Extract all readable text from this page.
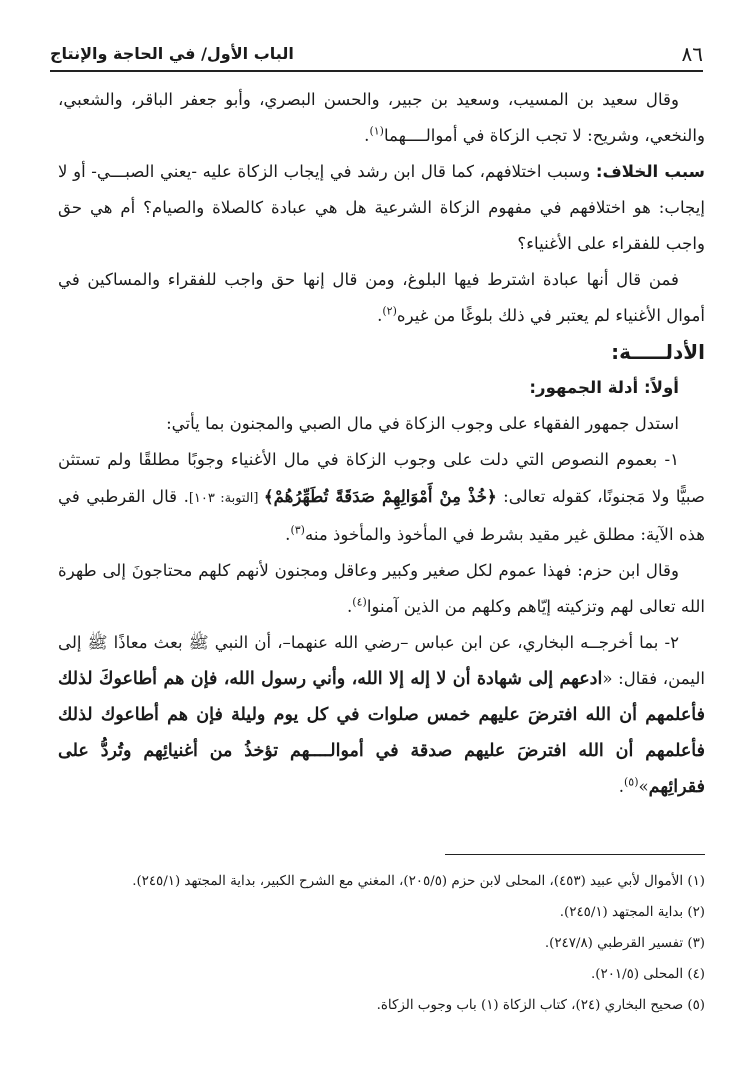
٨٦
الباب الأول/ في الحاجة والإنتاج

وقال سعيد بن المسيب، وسعيد بن جبير، والحسن البصري، وأبو جعفر الباقر، والشعبي، والنخعي، وشريح: لا تجب الزكاة في أموالــــهما$^{(١)}$.

سبب الخلاف: وسبب اختلافهم، كما قال ابن رشد في إيجاب الزكاة عليه -يعني الصبـــي- أو لا إيجاب: هو اختلافهم في مفهوم الزكاة الشرعية هل هي عبادة كالصلاة والصيام؟ أم هي حق واجب للفقراء على الأغنياء؟

فمن قال أنها عبادة اشترط فيها البلوغ، ومن قال إنها حق واجب للفقراء والمساكين في أموال الأغنياء لم يعتبر في ذلك بلوغًا من غيره$^{(٢)}$.

الأدلـــــة:

أولاً: أدلة الجمهور:

استدل جمهور الفقهاء على وجوب الزكاة في مال الصبي والمجنون بما يأتي:

١- بعموم النصوص التي دلت على وجوب الزكاة في مال الأغنياء وجوبًا مطلقًا ولم تستثن صبيًّا ولا مَجنونًا، كقوله تعالى: ﴿خُذْ مِنْ أَمْوَالِهِمْ صَدَقَةً تُطَهِّرُهُمْ﴾ [التوبة: ١٠٣]. قال القرطبي في هذه الآية: مطلق غير مقيد بشرط في المأخوذ والمأخوذ منه$^{(٣)}$.

وقال ابن حزم: فهذا عموم لكل صغير وكبير وعاقل ومجنون لأنهم كلهم محتاجونَ إلى طهرة الله تعالى لهم وتزكيته إيّاهم وكلهم من الذين آمنوا$^{(٤)}$.

٢- بما أخرجــه البخاري، عن ابن عباس –رضي الله عنهما–، أن النبي ﷺ بعث معاذًا ﷺ إلى اليمن، فقال: «ادعهم إلى شهادة أن لا إله إلا الله، وأني رسول الله، فإن هم أطاعوكَ لذلك فأعلمهم أن الله افترضَ عليهم خمس صلوات في كل يوم وليلة فإن هم أطاعوك لذلك فأعلمهم أن الله افترضَ عليهم صدقة في أموالــــهم تؤخذُ من أغنيائِهم وتُردُّ على فقرائِهم»$^{(٥)}$.

(١) الأموال لأبي عبيد (٤٥٣)، المحلى لابن حزم (٢٠٥/٥)، المغني مع الشرح الكبير، بداية المجتهد (٢٤٥/١).

(٢) بداية المجتهد (٢٤٥/١).

(٣) تفسير القرطبي (٢٤٧/٨).

(٤) المحلى (٢٠١/٥).

(٥) صحيح البخاري (٢٤)، كتاب الزكاة (١) باب وجوب الزكاة.
